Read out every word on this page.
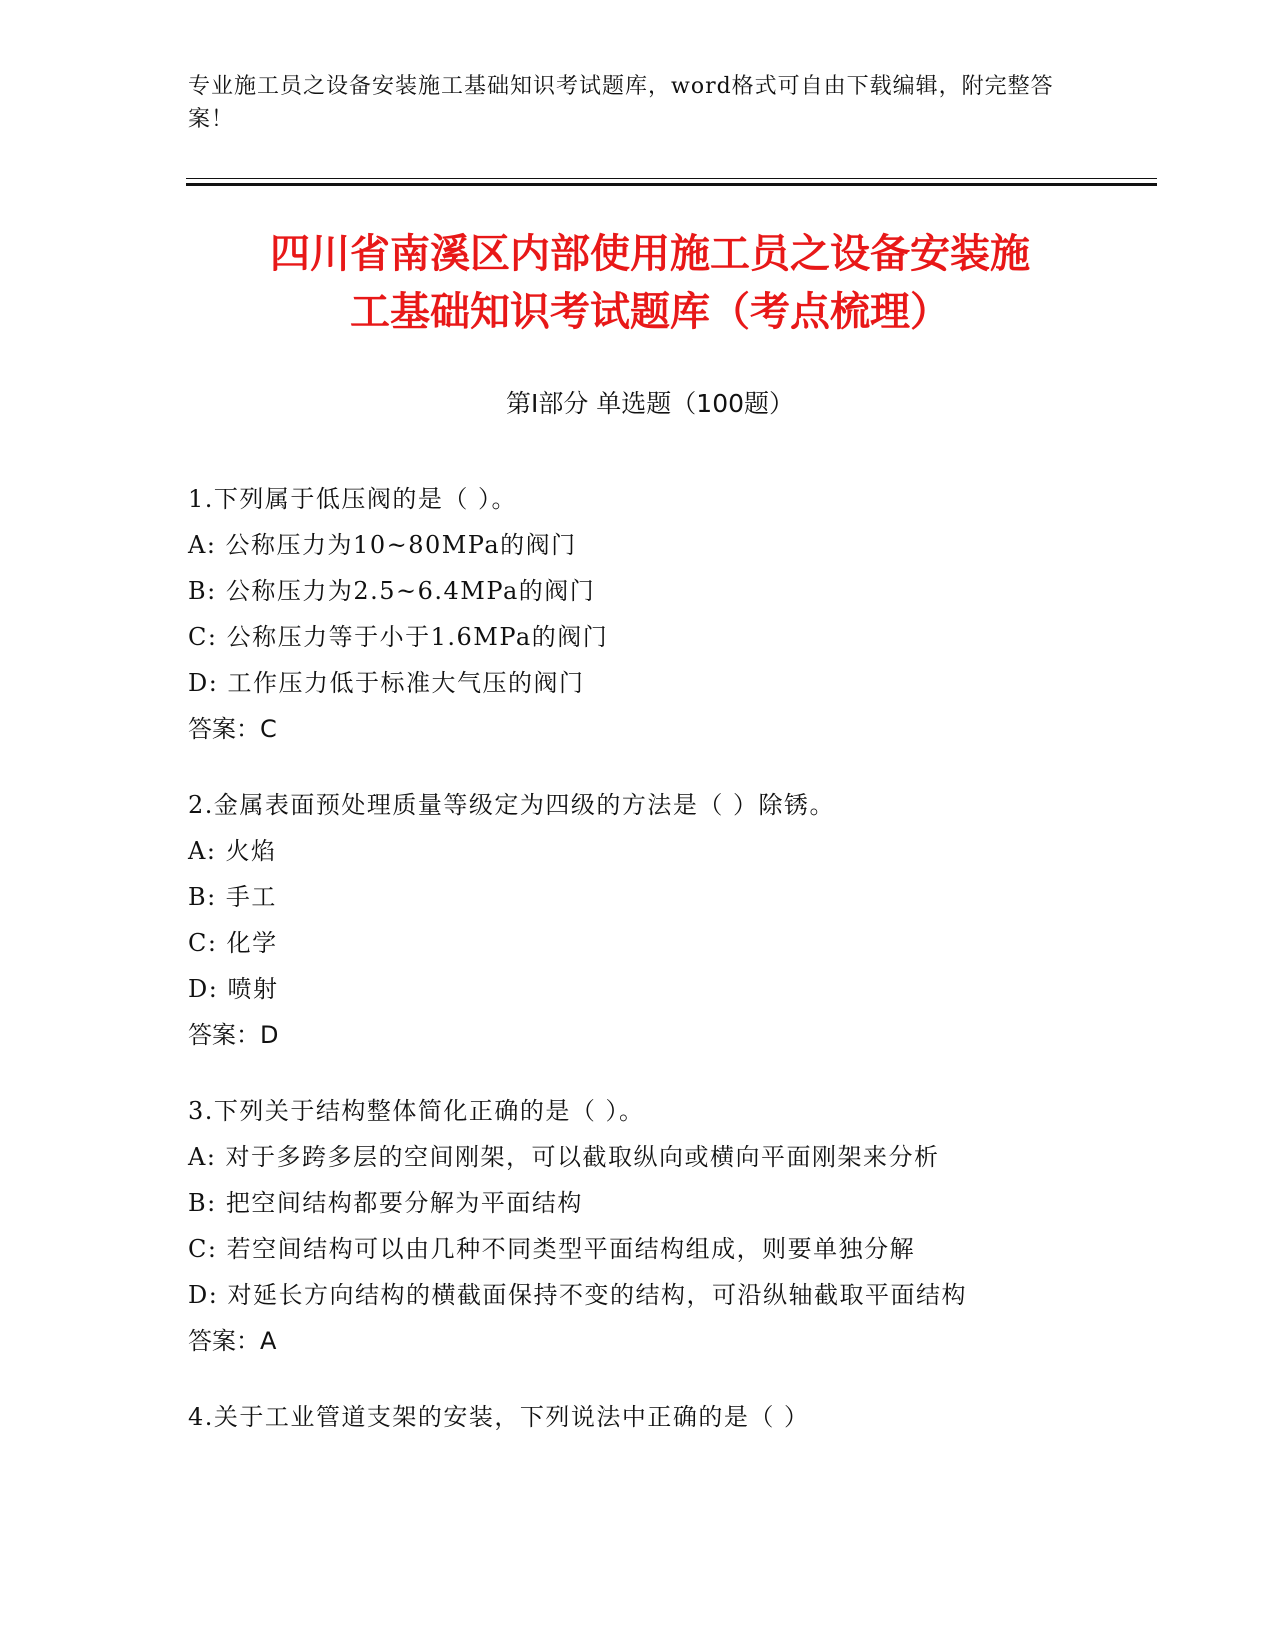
专业施工员之设备安装施工基础知识考试题库，word格式可自由下载编辑，附完整答案！
四川省南溪区内部使用施工员之设备安装施
工基础知识考试题库（考点梳理）
第Ⅰ部分 单选题（100题）
1.下列属于低压阀的是（ ）。
A: 公称压力为10~80MPa的阀门
B: 公称压力为2.5~6.4MPa的阀门
C: 公称压力等于小于1.6MPa的阀门
D: 工作压力低于标准大气压的阀门
答案：C
2.金属表面预处理质量等级定为四级的方法是（ ）除锈。
A: 火焰
B: 手工
C: 化学
D: 喷射
答案：D
3.下列关于结构整体简化正确的是（ ）。
A: 对于多跨多层的空间刚架，可以截取纵向或横向平面刚架来分析
B: 把空间结构都要分解为平面结构
C: 若空间结构可以由几种不同类型平面结构组成，则要单独分解
D: 对延长方向结构的横截面保持不变的结构，可沿纵轴截取平面结构
答案：A
4.关于工业管道支架的安装，下列说法中正确的是（ ）
